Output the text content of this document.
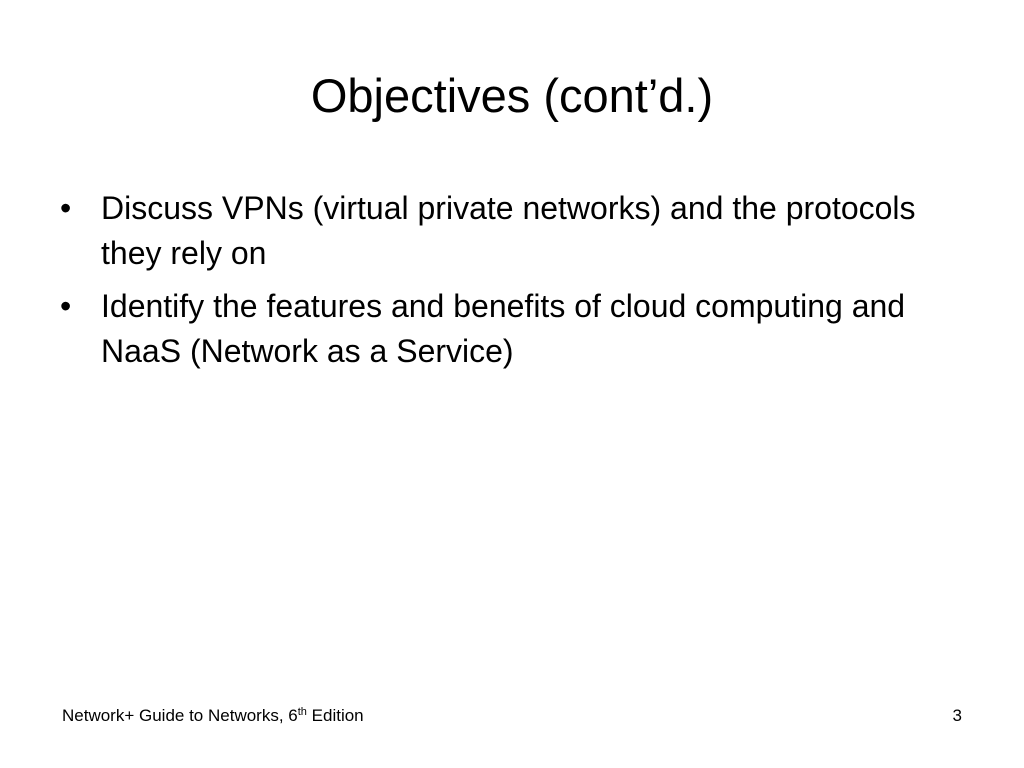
Objectives (cont’d.)
• Discuss VPNs (virtual private networks) and the protocols they rely on
• Identify the features and benefits of cloud computing and NaaS (Network as a Service)
Network+ Guide to Networks, 6th Edition	3
